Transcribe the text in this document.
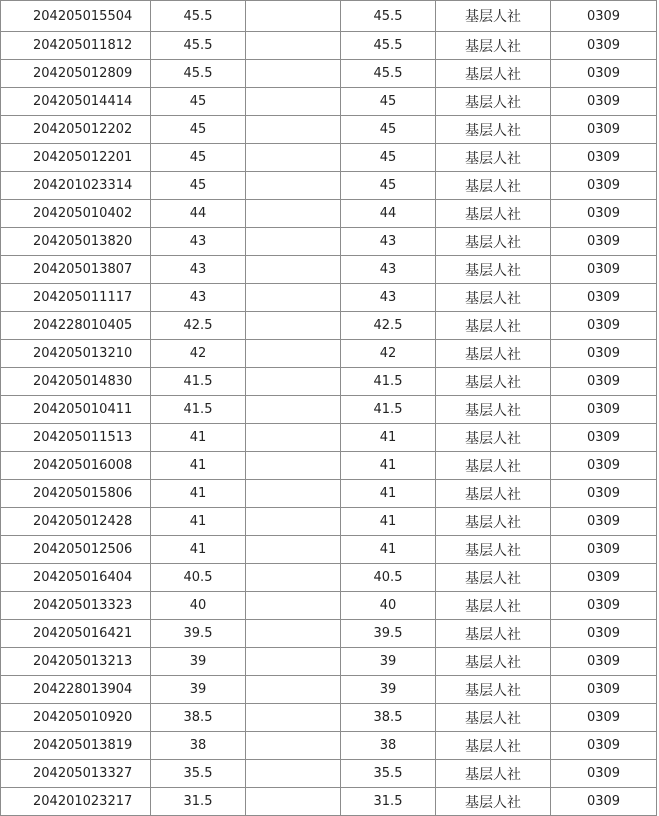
204205015504	45.5		45.5	基层人社	0309
204205011812	45.5		45.5	基层人社	0309
204205012809	45.5		45.5	基层人社	0309
204205014414	45		45	基层人社	0309
204205012202	45		45	基层人社	0309
204205012201	45		45	基层人社	0309
204201023314	45		45	基层人社	0309
204205010402	44		44	基层人社	0309
204205013820	43		43	基层人社	0309
204205013807	43		43	基层人社	0309
204205011117	43		43	基层人社	0309
204228010405	42.5		42.5	基层人社	0309
204205013210	42		42	基层人社	0309
204205014830	41.5		41.5	基层人社	0309
204205010411	41.5		41.5	基层人社	0309
204205011513	41		41	基层人社	0309
204205016008	41		41	基层人社	0309
204205015806	41		41	基层人社	0309
204205012428	41		41	基层人社	0309
204205012506	41		41	基层人社	0309
204205016404	40.5		40.5	基层人社	0309
204205013323	40		40	基层人社	0309
204205016421	39.5		39.5	基层人社	0309
204205013213	39		39	基层人社	0309
204228013904	39		39	基层人社	0309
204205010920	38.5		38.5	基层人社	0309
204205013819	38		38	基层人社	0309
204205013327	35.5		35.5	基层人社	0309
204201023217	31.5		31.5	基层人社	0309
